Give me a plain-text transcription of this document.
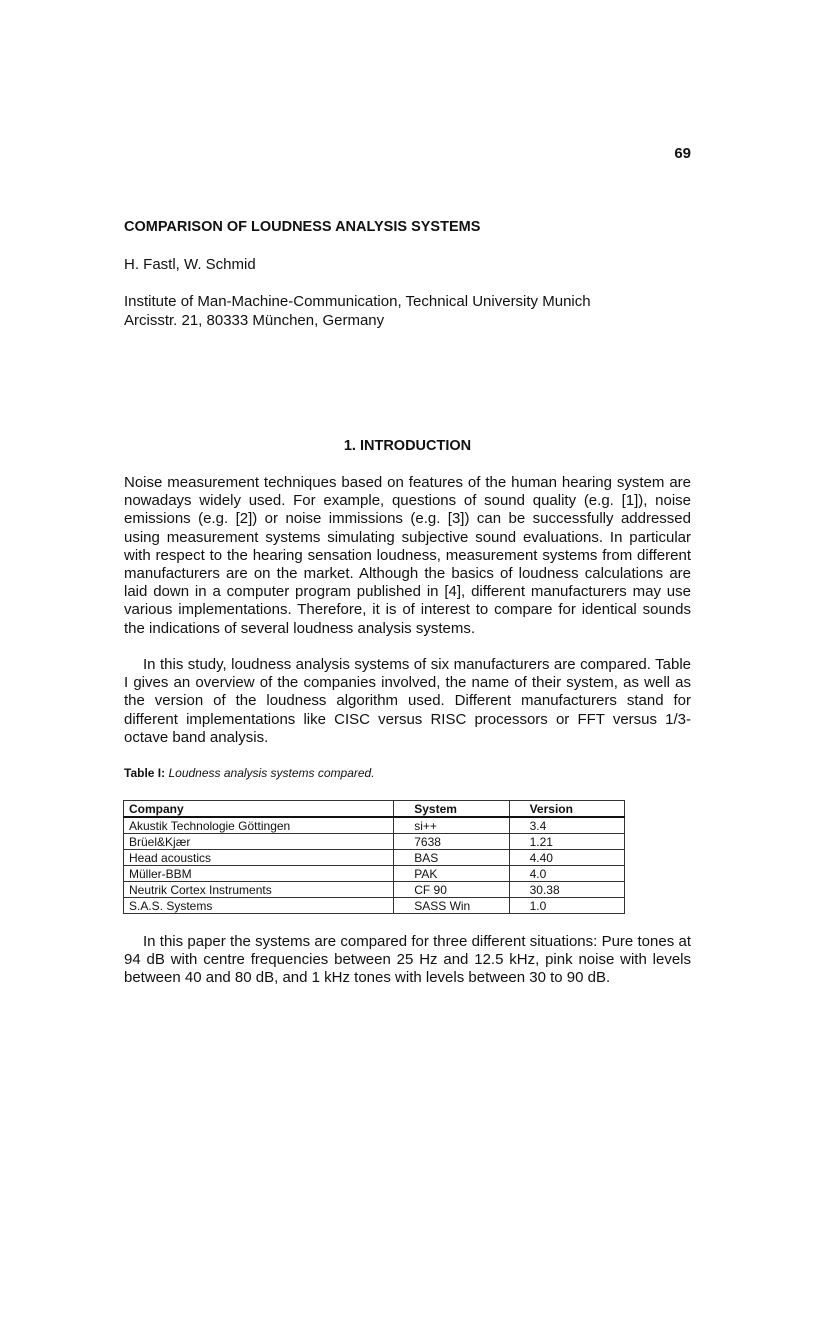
69
COMPARISON OF LOUDNESS ANALYSIS SYSTEMS
H. Fastl, W. Schmid
Institute of Man-Machine-Communication, Technical University Munich
Arcisstr. 21, 80333 München, Germany
1. INTRODUCTION

Noise measurement techniques based on features of the human hearing system are nowadays widely used. For example, questions of sound quality (e.g. [1]), noise emissions (e.g. [2]) or noise immissions (e.g. [3]) can be successfully addressed using measurement systems simulating subjective sound evaluations. In particular with respect to the hearing sensation loudness, measurement systems from different manufacturers are on the market. Although the basics of loudness calculations are laid down in a computer program published in [4], different manufacturers may use various implementations. Therefore, it is of interest to compare for identical sounds the indications of several loudness analysis systems.

In this study, loudness analysis systems of six manufacturers are compared. Table I gives an overview of the companies involved, the name of their system, as well as the version of the loudness algorithm used. Different manufacturers stand for different implementations like CISC versus RISC processors or FFT versus 1/3-octave band analysis.

Table I: Loudness analysis systems compared.
Company	System	Version
Akustik Technologie Göttingen	si++	3.4
Brüel&Kjær	7638	1.21
Head acoustics	BAS	4.40
Müller-BBM	PAK	4.0
Neutrik Cortex Instruments	CF 90	30.38
S.A.S. Systems	SASS Win	1.0

In this paper the systems are compared for three different situations: Pure tones at 94 dB with centre frequencies between 25 Hz and 12.5 kHz, pink noise with levels between 40 and 80 dB, and 1 kHz tones with levels between 30 to 90 dB.
